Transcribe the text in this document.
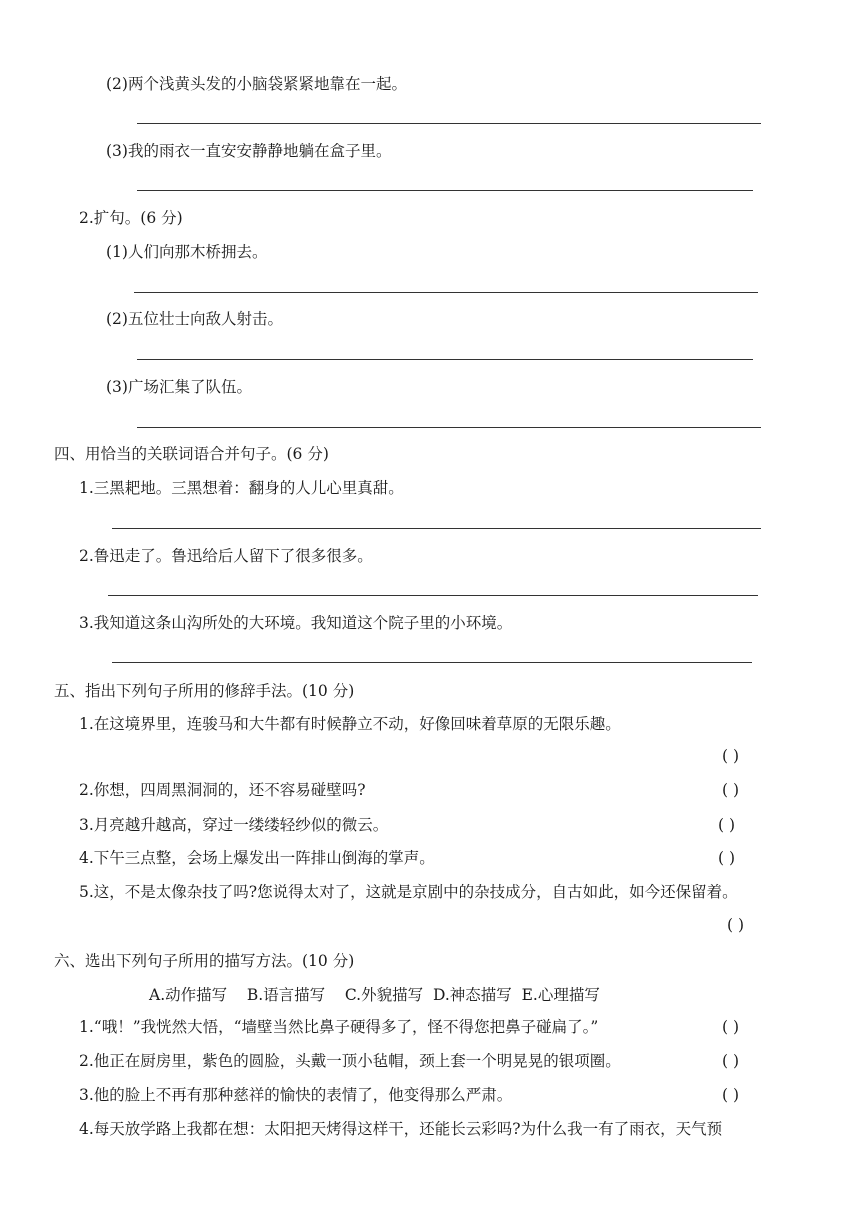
(2)两个浅黄头发的小脑袋紧紧地靠在一起。
(3)我的雨衣一直安安静静地躺在盒子里。
2.扩句。(6 分)
(1)人们向那木桥拥去。
(2)五位壮士向敌人射击。
(3)广场汇集了队伍。
四、用恰当的关联词语合并句子。(6 分)
1.三黑耙地。三黑想着：翻身的人儿心里真甜。
2.鲁迅走了。鲁迅给后人留下了很多很多。
3.我知道这条山沟所处的大环境。我知道这个院子里的小环境。
五、指出下列句子所用的修辞手法。(10 分)
1.在这境界里，连骏马和大牛都有时候静立不动，好像回味着草原的无限乐趣。
( )
2.你想，四周黑洞洞的，还不容易碰壁吗?	( )
3.月亮越升越高，穿过一缕缕轻纱似的微云。	( )
4.下午三点整，会场上爆发出一阵排山倒海的掌声。	( )
5.这，不是太像杂技了吗?您说得太对了，这就是京剧中的杂技成分，自古如此，如今还保留着。
( )
六、选出下列句子所用的描写方法。(10 分)
A.动作描写    B.语言描写    C.外貌描写  D.神态描写  E.心理描写
1.“哦！”我恍然大悟，“墙壁当然比鼻子硬得多了，怪不得您把鼻子碰扁了。”	( )
2.他正在厨房里，紫色的圆脸，头戴一顶小毡帽，颈上套一个明晃晃的银项圈。	( )
3.他的脸上不再有那种慈祥的愉快的表情了，他变得那么严肃。	( )
4.每天放学路上我都在想：太阳把天烤得这样干，还能长云彩吗?为什么我一有了雨衣，天气预
